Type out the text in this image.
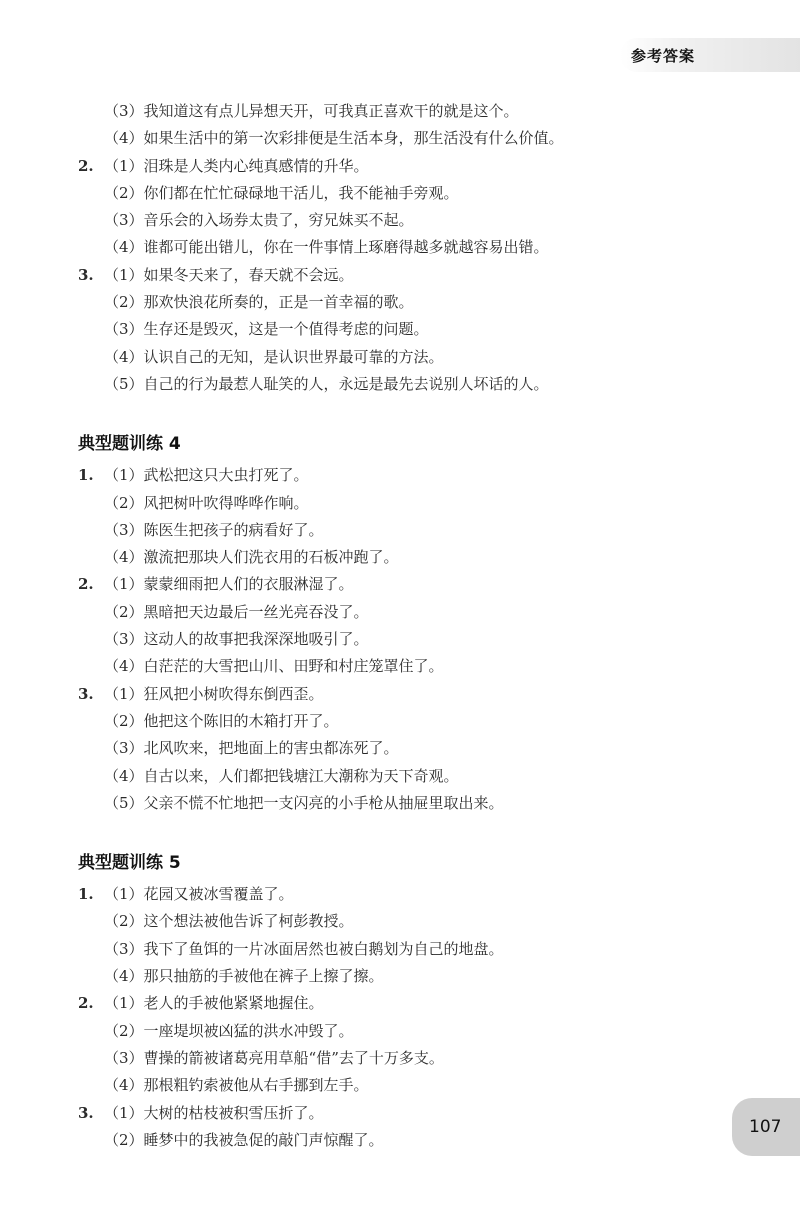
参考答案
（3）我知道这有点儿异想天开，可我真正喜欢干的就是这个。
（4）如果生活中的第一次彩排便是生活本身，那生活没有什么价值。
2. （1）泪珠是人类内心纯真感情的升华。
（2）你们都在忙忙碌碌地干活儿，我不能袖手旁观。
（3）音乐会的入场券太贵了，穷兄妹买不起。
（4）谁都可能出错儿，你在一件事情上琢磨得越多就越容易出错。
3. （1）如果冬天来了，春天就不会远。
（2）那欢快浪花所奏的，正是一首幸福的歌。
（3）生存还是毁灭，这是一个值得考虑的问题。
（4）认识自己的无知，是认识世界最可靠的方法。
（5）自己的行为最惹人耻笑的人，永远是最先去说别人坏话的人。
典型题训练 4
1. （1）武松把这只大虫打死了。
（2）风把树叶吹得哗哗作响。
（3）陈医生把孩子的病看好了。
（4）激流把那块人们洗衣用的石板冲跑了。
2. （1）蒙蒙细雨把人们的衣服淋湿了。
（2）黑暗把天边最后一丝光亮吞没了。
（3）这动人的故事把我深深地吸引了。
（4）白茫茫的大雪把山川、田野和村庄笼罩住了。
3. （1）狂风把小树吹得东倒西歪。
（2）他把这个陈旧的木箱打开了。
（3）北风吹来，把地面上的害虫都冻死了。
（4）自古以来，人们都把钱塘江大潮称为天下奇观。
（5）父亲不慌不忙地把一支闪亮的小手枪从抽屉里取出来。
典型题训练 5
1. （1）花园又被冰雪覆盖了。
（2）这个想法被他告诉了柯彭教授。
（3）我下了鱼饵的一片冰面居然也被白鹅划为自己的地盘。
（4）那只抽筋的手被他在裤子上擦了擦。
2. （1）老人的手被他紧紧地握住。
（2）一座堤坝被凶猛的洪水冲毁了。
（3）曹操的箭被诸葛亮用草船“借”去了十万多支。
（4）那根粗钓索被他从右手挪到左手。
3. （1）大树的枯枝被积雪压折了。
（2）睡梦中的我被急促的敲门声惊醒了。
107
